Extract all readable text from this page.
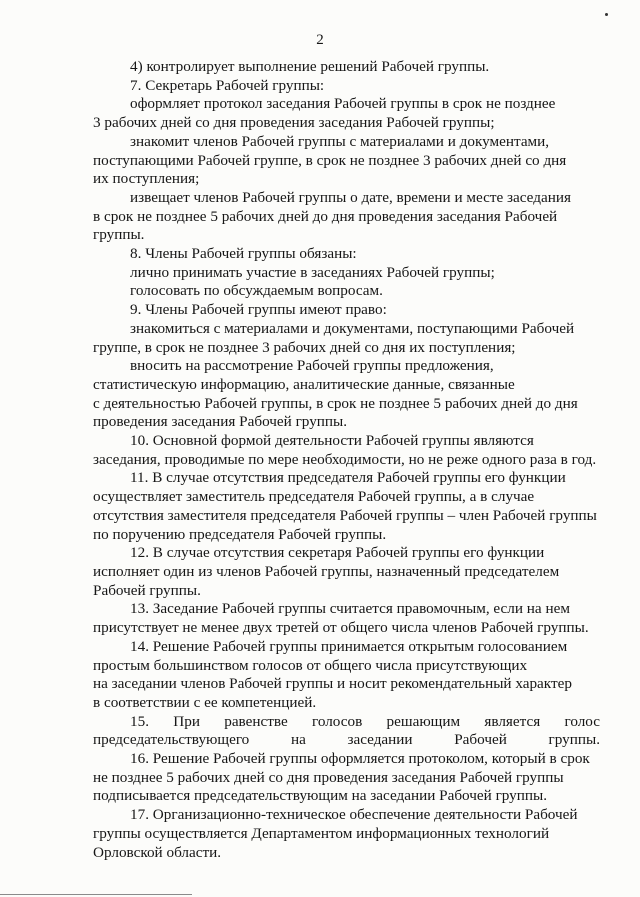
2

4) контролирует выполнение решений Рабочей группы.

7. Секретарь Рабочей группы:

оформляет протокол заседания Рабочей группы в срок не позднее
3 рабочих дней со дня проведения заседания Рабочей группы;

знакомит членов Рабочей группы с материалами и документами,
поступающими Рабочей группе, в срок не позднее 3 рабочих дней со дня
их поступления;

извещает членов Рабочей группы о дате, времени и месте заседания
в срок не позднее 5 рабочих дней до дня проведения заседания Рабочей
группы.

8. Члены Рабочей группы обязаны:

лично принимать участие в заседаниях Рабочей группы;

голосовать по обсуждаемым вопросам.

9. Члены Рабочей группы имеют право:

знакомиться с материалами и документами, поступающими Рабочей
группе, в срок не позднее 3 рабочих дней со дня их поступления;

вносить на рассмотрение Рабочей группы предложения,
статистическую информацию, аналитические данные, связанные
с деятельностью Рабочей группы, в срок не позднее 5 рабочих дней до дня
проведения заседания Рабочей группы.

10. Основной формой деятельности Рабочей группы являются
заседания, проводимые по мере необходимости, но не реже одного раза в год.

11. В случае отсутствия председателя Рабочей группы его функции
осуществляет заместитель председателя Рабочей группы, а в случае
отсутствия заместителя председателя Рабочей группы – член Рабочей группы
по поручению председателя Рабочей группы.

12. В случае отсутствия секретаря Рабочей группы его функции
исполняет один из членов Рабочей группы, назначенный председателем
Рабочей группы.

13. Заседание Рабочей группы считается правомочным, если на нем
присутствует не менее двух третей от общего числа членов Рабочей группы.

14. Решение Рабочей группы принимается открытым голосованием
простым большинством голосов от общего числа присутствующих
на заседании членов Рабочей группы и носит рекомендательный характер
в соответствии с ее компетенцией.

15. При равенстве голосов решающим является голос
председательствующего на заседании Рабочей группы.

16. Решение Рабочей группы оформляется протоколом, который в срок
не позднее 5 рабочих дней со дня проведения заседания Рабочей группы
подписывается председательствующим на заседании Рабочей группы.

17. Организационно-техническое обеспечение деятельности Рабочей
группы осуществляется Департаментом информационных технологий
Орловской области.
